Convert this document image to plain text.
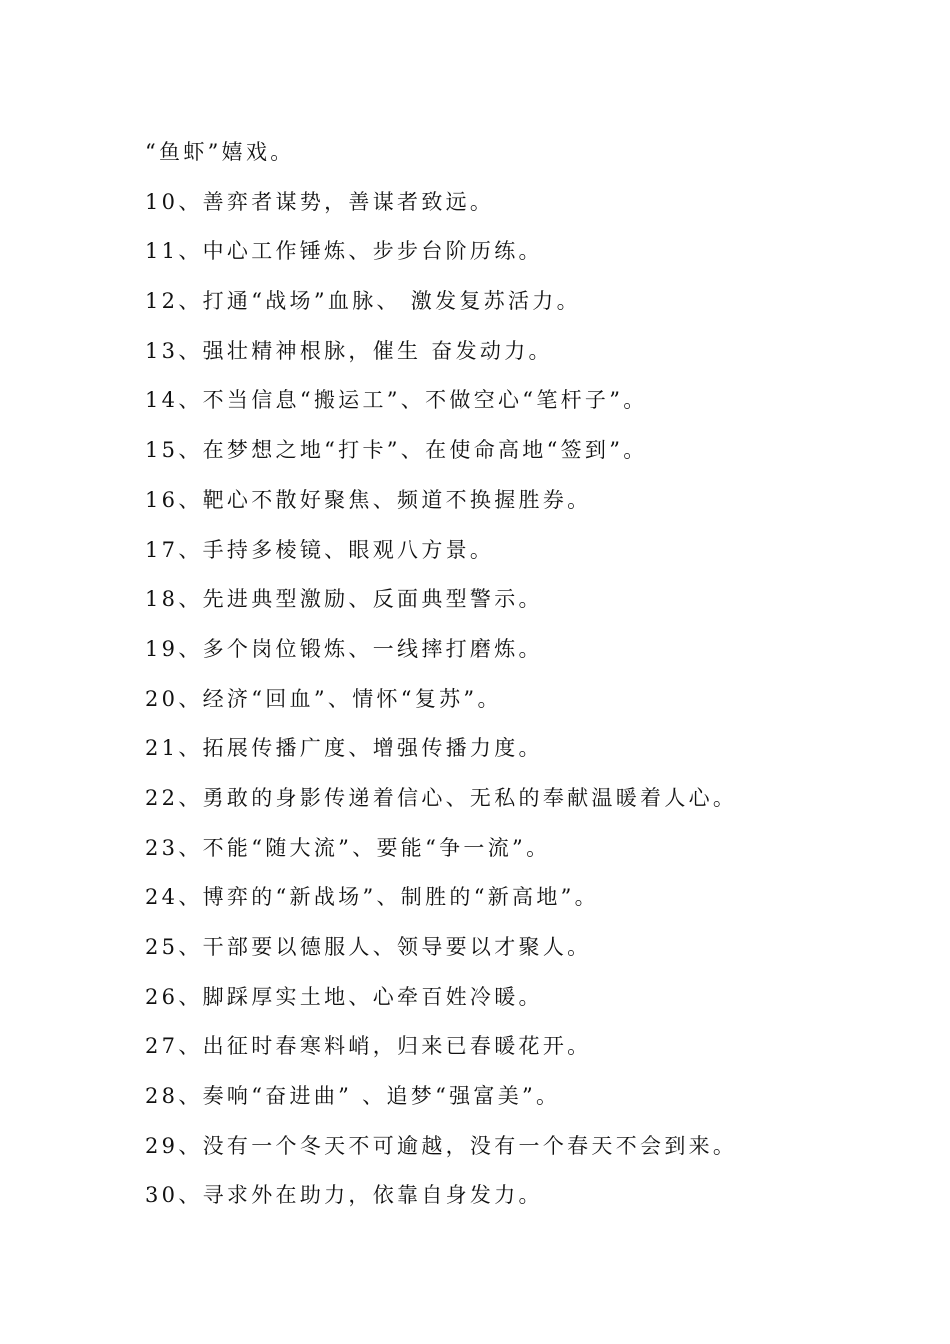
“鱼虾”嬉戏。
10、善弈者谋势，善谋者致远。
11、中心工作锤炼、步步台阶历练。
12、打通“战场”血脉、 激发复苏活力。
13、强壮精神根脉，催生 奋发动力。
14、不当信息“搬运工”、不做空心“笔杆子”。
15、在梦想之地“打卡”、在使命高地“签到”。
16、靶心不散好聚焦、频道不换握胜券。
17、手持多棱镜、眼观八方景。
18、先进典型激励、反面典型警示。
19、多个岗位锻炼、一线摔打磨炼。
20、经济“回血”、情怀“复苏”。
21、拓展传播广度、增强传播力度。
22、勇敢的身影传递着信心、无私的奉献温暖着人心。
23、不能“随大流”、要能“争一流”。
24、博弈的“新战场”、制胜的“新高地”。
25、干部要以德服人、领导要以才聚人。
26、脚踩厚实土地、心牵百姓冷暖。
27、出征时春寒料峭，归来已春暖花开。
28、奏响“奋进曲” 、追梦“强富美”。
29、没有一个冬天不可逾越，没有一个春天不会到来。
30、寻求外在助力，依靠自身发力。
